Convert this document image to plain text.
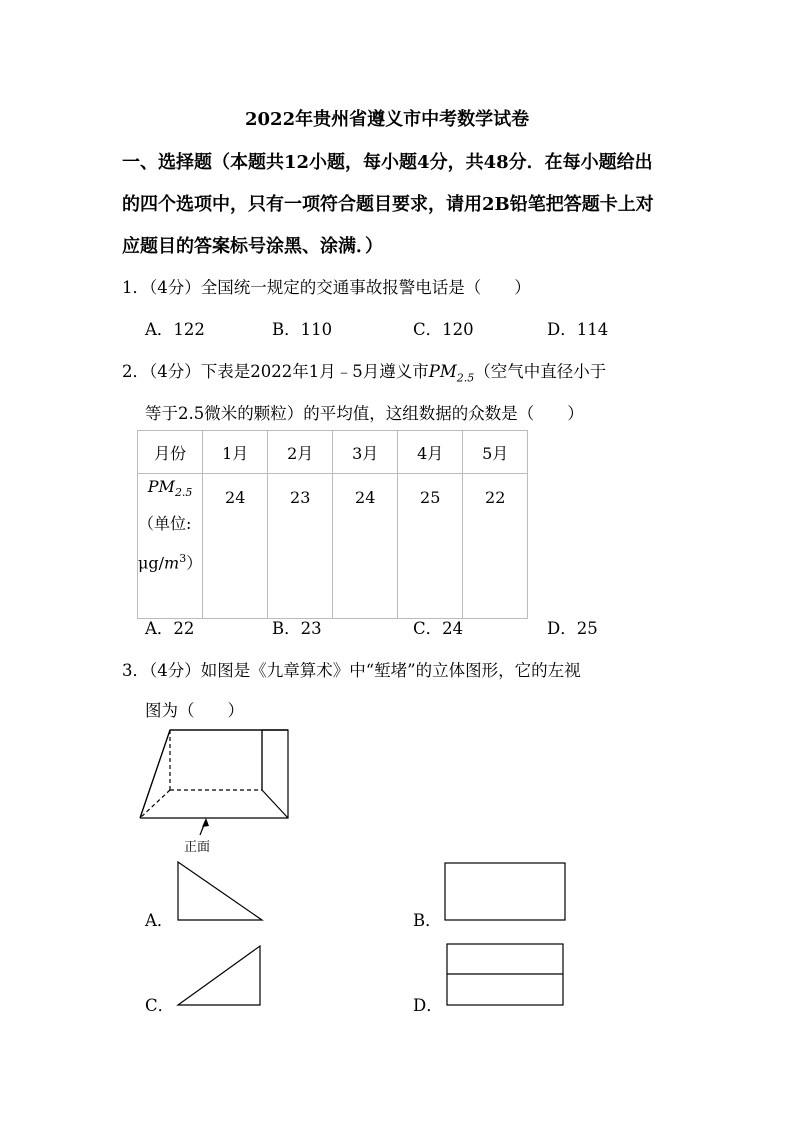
2022年贵州省遵义市中考数学试卷
一、选择题（本题共12小题，每小题4分，共48分．在每小题给出
的四个选项中，只有一项符合题目要求，请用2B铅笔把答题卡上对
应题目的答案标号涂黑、涂满．）
1．（4分）全国统一规定的交通事故报警电话是（　　）
A．122	B．110	C．120	D．114
2．（4分）下表是2022年1月﹣5月遵义市$PM_{2.5}$（空气中直径小于
等于2.5微米的颗粒）的平均值，这组数据的众数是（　　）
月份	1月	2月	3月	4月	5月

$PM_{2.5}$
（单位:
$\mu g/m^3$）	24	23	24	25	22
A．22	B．23	C．24	D．25
3．（4分）如图是《九章算术》中“堑堵”的立体图形，它的左视
图为（　　）
正面
A．	B．
C．	D．
